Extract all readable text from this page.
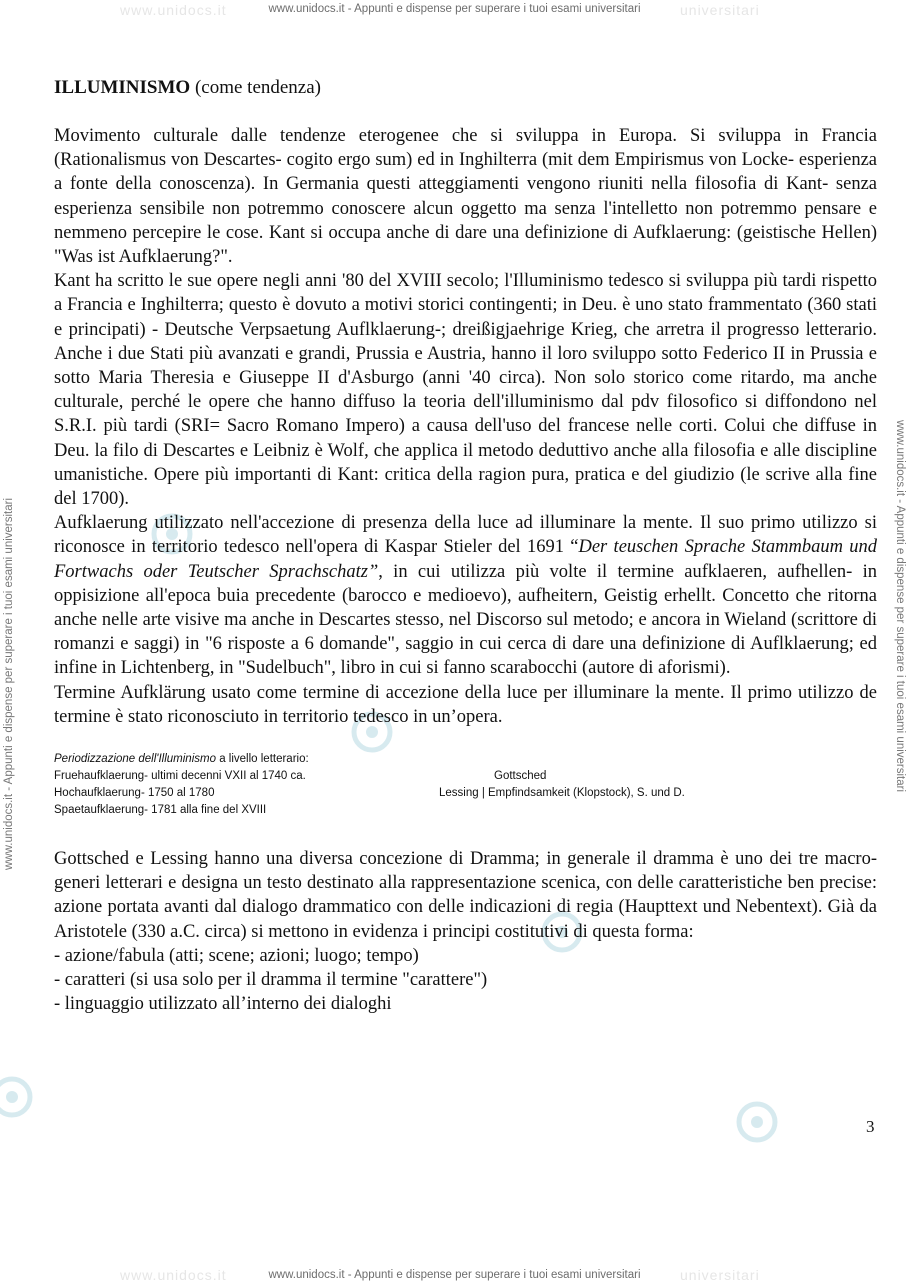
www.unidocs.it	universitari
www.unidocs.it - Appunti e dispense per superare i tuoi esami universitari
www.unidocs.it	universitari
www.unidocs.it - Appunti e dispense per superare i tuoi esami universitari
www.unidocs.it - Appunti e dispense per superare i tuoi esami universitari	www.unidocs.it - Appunti e dispense per superare i tuoi esami universitari
ILLUMINISMO (come tendenza)

Movimento culturale dalle tendenze eterogenee che si sviluppa in Europa. Si sviluppa in Francia (Rationalismus von Descartes- cogito ergo sum) ed in Inghilterra (mit dem Empirismus von Locke- esperienza a fonte della conoscenza). In Germania questi atteggiamenti vengono riuniti nella filosofia di Kant- senza esperienza sensibile non potremmo conoscere alcun oggetto ma senza l'intelletto non potremmo pensare e nemmeno percepire le cose. Kant si occupa anche di dare una definizione di Aufklaerung: (geistische Hellen) "Was ist Aufklaerung?".

Kant ha scritto le sue opere negli anni '80 del XVIII secolo; l'Illuminismo tedesco si sviluppa più tardi rispetto a Francia e Inghilterra; questo è dovuto a motivi storici contingenti; in Deu. è uno stato frammentato (360 stati e principati) - Deutsche Verpsaetung Auflklaerung-; dreißigjaehrige Krieg, che arretra il progresso letterario. Anche i due Stati più avanzati e grandi, Prussia e Austria, hanno il loro sviluppo sotto Federico II in Prussia e sotto Maria Theresia e Giuseppe II d'Asburgo (anni '40 circa). Non solo storico come ritardo, ma anche culturale, perché le opere che hanno diffuso la teoria dell'illuminismo dal pdv filosofico si diffondono nel S.R.I. più tardi (SRI= Sacro Romano Impero) a causa dell'uso del francese nelle corti. Colui che diffuse in Deu. la filo di Descartes e Leibniz è Wolf, che applica il metodo deduttivo anche alla filosofia e alle discipline umanistiche. Opere più importanti di Kant: critica della ragion pura, pratica e del giudizio (le scrive alla fine del 1700).

Aufklaerung utilizzato nell'accezione di presenza della luce ad illuminare la mente. Il suo primo utilizzo si riconosce in territorio tedesco nell'opera di Kaspar Stieler del 1691 “Der teuschen Sprache Stammbaum und Fortwachs oder Teutscher Sprachschatz”, in cui utilizza più volte il termine aufklaeren, aufhellen- in oppisizione all'epoca buia precedente (barocco e medioevo), aufheitern, Geistig erhellt. Concetto che ritorna anche nelle arte visive ma anche in Descartes stesso, nel Discorso sul metodo; e ancora in Wieland (scrittore di romanzi e saggi) in "6 risposte a 6 domande", saggio in cui cerca di dare una definizione di Auflklaerung; ed infine in Lichtenberg, in "Sudelbuch", libro in cui si fanno scarabocchi (autore di aforismi).

Termine Aufklärung usato come termine di accezione della luce per illuminare la mente. Il primo utilizzo de termine è stato riconosciuto in territorio tedesco in un’opera.

Periodizzazione dell'Illuminismo a livello letterario:
Fruehaufklaerung- ultimi decenni VXII al 1740 ca.	Gottsched
Hochaufklaerung- 1750 al 1780	Lessing | Empfindsamkeit (Klopstock), S. und D.
Spaetaufklaerung- 1781 alla fine del XVIII

Gottsched e Lessing hanno una diversa concezione di Dramma; in generale il dramma è uno dei tre macro-generi letterari e designa un testo destinato alla rappresentazione scenica, con delle caratteristiche ben precise: azione portata avanti dal dialogo drammatico con delle indicazioni di regia (Haupttext und Nebentext). Già da Aristotele (330 a.C. circa) si mettono in evidenza i principi costitutivi di questa forma:

- azione/fabula (atti; scene; azioni; luogo; tempo)
- caratteri (si usa solo per il dramma il termine "carattere")
- linguaggio utilizzato all’interno dei dialoghi
3
